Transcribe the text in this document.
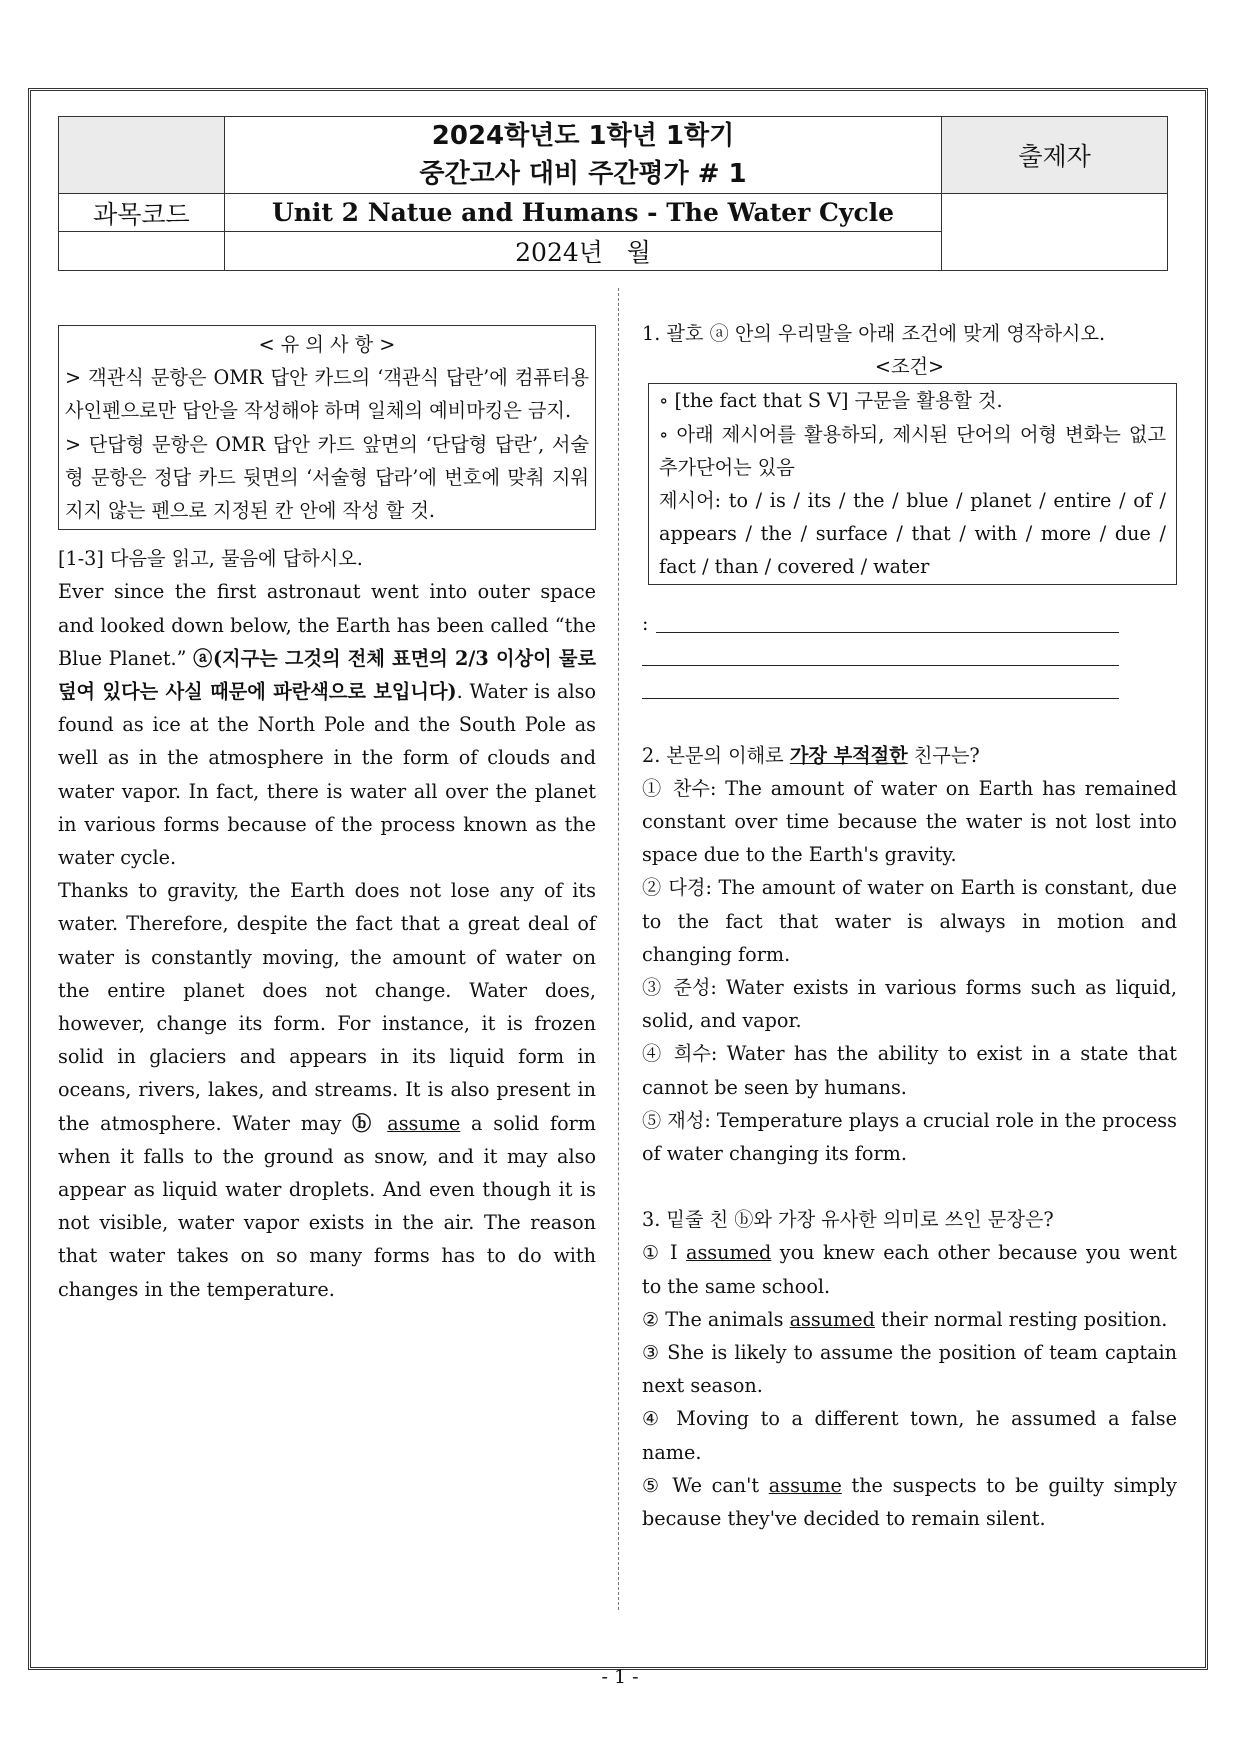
	2024학년도 1학년 1학기
중간고사 대비 주간평가 # 1	출제자
과목코드	Unit 2 Natue and Humans - The Water Cycle	
	2024년   월	
< 유 의 사 항 >
> 객관식 문항은 OMR 답안 카드의 ‘객관식 답란’에 컴퓨터용 사인펜으로만 답안을 작성해야 하며 일체의 예비마킹은 금지.
> 단답형 문항은 OMR 답안 카드 앞면의 ‘단답형 답란’, 서술형 문항은 정답 카드 뒷면의 ‘서술형 답라’에 번호에 맞춰 지워지지 않는 펜으로 지정된 칸 안에 작성 할 것.
[1-3] 다음을 읽고, 물음에 답하시오.
Ever since the first astronaut went into outer space and looked down below, the Earth has been called “the Blue Planet.” ⓐ(지구는 그것의 전체 표면의 2/3 이상이 물로 덮여 있다는 사실 때문에 파란색으로 보입니다). Water is also found as ice at the North Pole and the South Pole as well as in the atmosphere in the form of clouds and water vapor. In fact, there is water all over the planet in various forms because of the process known as the water cycle.
Thanks to gravity, the Earth does not lose any of its water. Therefore, despite the fact that a great deal of water is constantly moving, the amount of water on the entire planet does not change. Water does, however, change its form. For instance, it is frozen solid in glaciers and appears in its liquid form in oceans, rivers, lakes, and streams. It is also present in the atmosphere. Water may ⓑ assume a solid form when it falls to the ground as snow, and it may also appear as liquid water droplets. And even though it is not visible, water vapor exists in the air. The reason that water takes on so many forms has to do with changes in the temperature.
1. 괄호 ⓐ 안의 우리말을 아래 조건에 맞게 영작하시오.
<조건>
∘ [the fact that S V] 구문을 활용할 것.
∘ 아래 제시어를 활용하되, 제시된 단어의 어형 변화는 없고 추가단어는 있음
제시어: to / is / its / the / blue / planet / entire / of / appears / the / surface / that / with / more / due / fact / than / covered / water
:
2. 본문의 이해로 가장 부적절한 친구는?
① 찬수: The amount of water on Earth has remained constant over time because the water is not lost into space due to the Earth's gravity.
② 다경: The amount of water on Earth is constant, due to the fact that water is always in motion and changing form.
③ 준성: Water exists in various forms such as liquid, solid, and vapor.
④ 희수: Water has the ability to exist in a state that cannot be seen by humans.
⑤ 재성: Temperature plays a crucial role in the process of water changing its form.
3. 밑줄 친 ⓑ와 가장 유사한 의미로 쓰인 문장은?
① I assumed you knew each other because you went to the same school.
② The animals assumed their normal resting position.
③ She is likely to assume the position of team captain next season.
④ Moving to a different town, he assumed a false name.
⑤ We can't assume the suspects to be guilty simply because they've decided to remain silent.
- 1 -
